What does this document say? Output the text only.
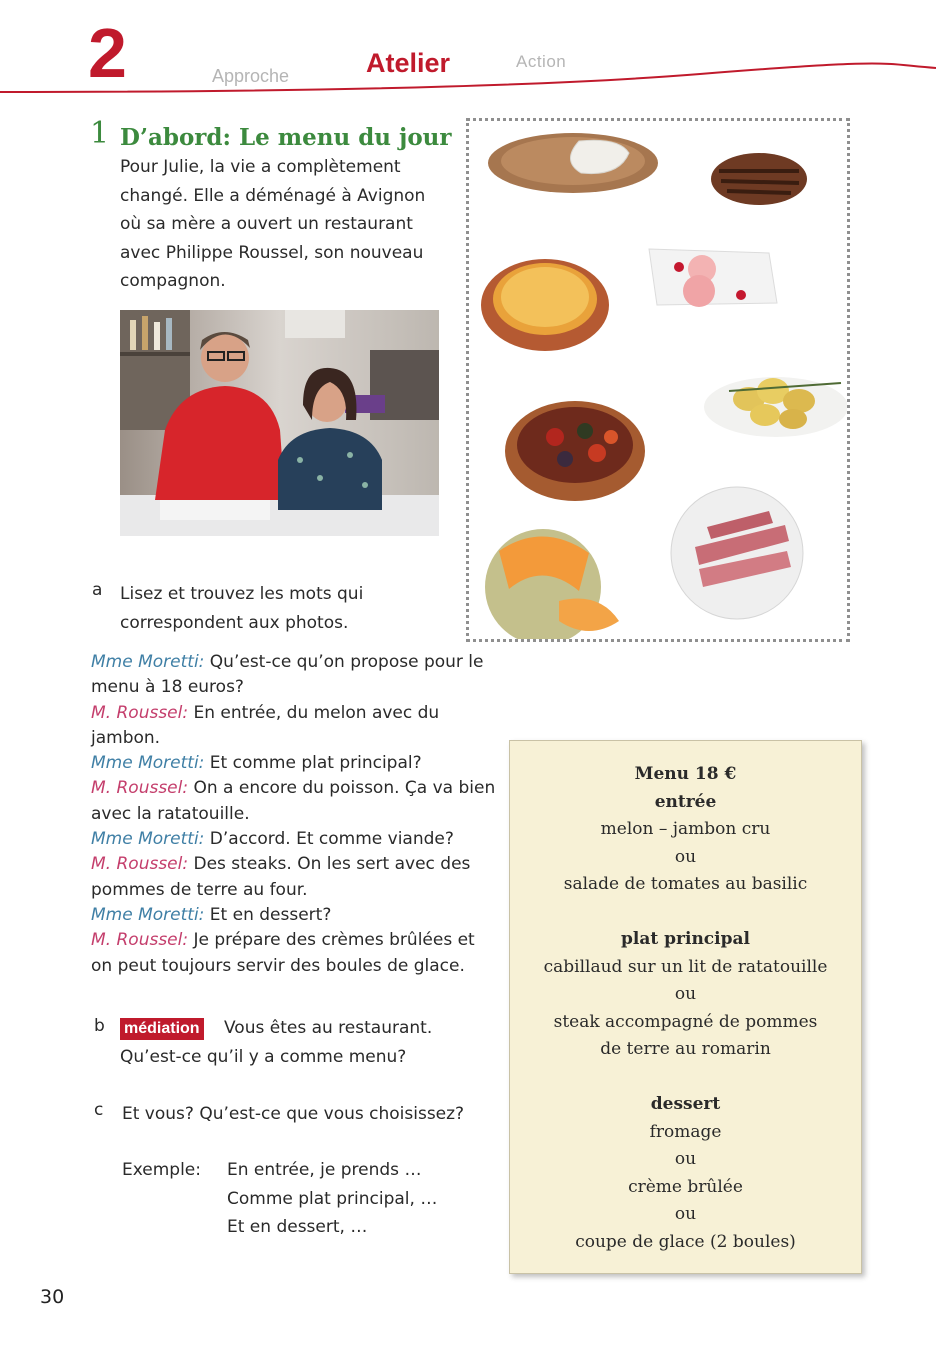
2	Approche	Atelier	Action
1 D’abord: Le menu du jour
Pour Julie, la vie a complètement changé. Elle a déménagé à Avignon où sa mère a ouvert un restaurant avec Philippe Roussel, son nouveau compagnon.
a Lisez et trouvez les mots qui correspondent aux photos.

Mme Moretti: Qu’est-ce qu’on propose pour le menu à 18 euros?

M. Roussel: En entrée, du melon avec du jambon.

Mme Moretti: Et comme plat principal?

M. Roussel: On a encore du poisson. Ça va bien avec la ratatouille.

Mme Moretti: D’accord. Et comme viande?

M. Roussel: Des steaks. On les sert avec des pommes de terre au four.

Mme Moretti: Et en dessert?

M. Roussel: Je prépare des crèmes brûlées et on peut toujours servir des boules de glace.

b	Vous êtes au restaurant. Qu’est-ce qu’il y a comme menu?
médiation
c Et vous? Qu’est-ce que vous choisissez?
Exemple: En entrée, je prends …
Comme plat principal, …
Et en dessert, …
Menu 18 €
entrée
melon – jambon cru
ou
salade de tomates au basilic
plat principal
cabillaud sur un lit de ratatouille
ou
steak accompagné de pommes
de terre au romarin
dessert
fromage
ou
crème brûlée
ou
coupe de glace (2 boules)
30
